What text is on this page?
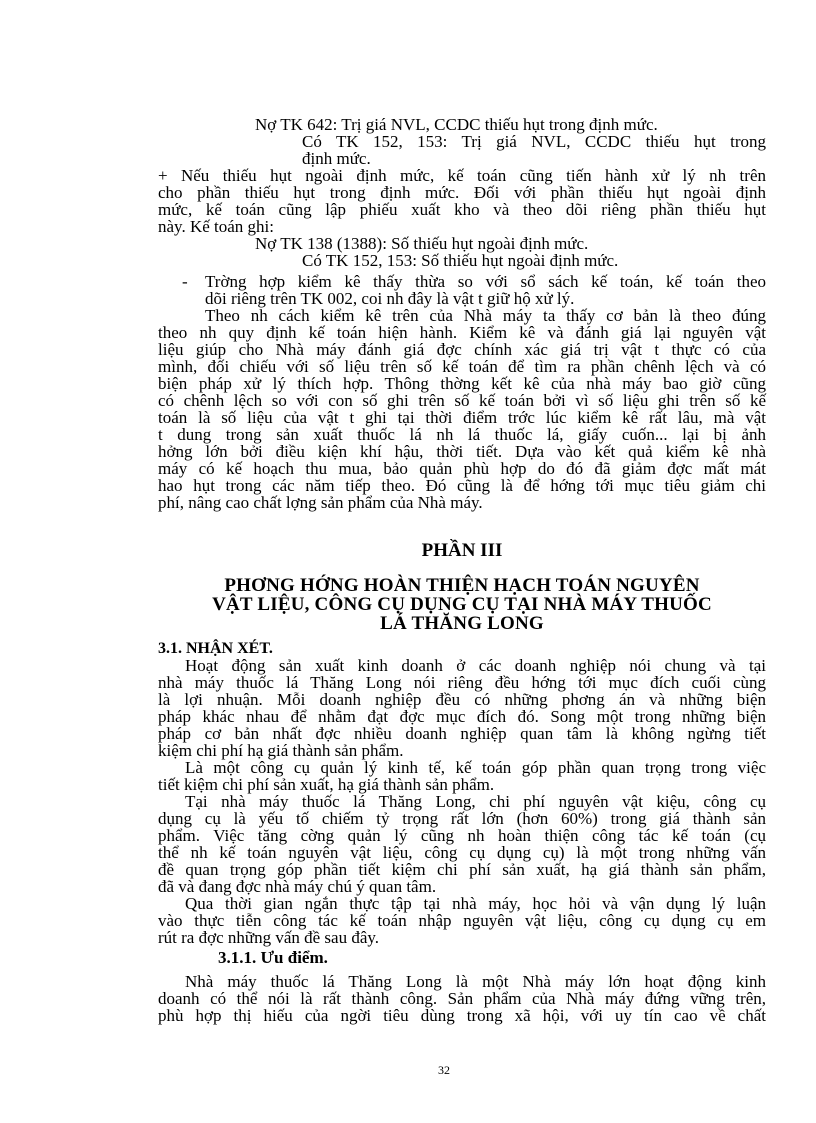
Nợ TK 642: Trị giá NVL, CCDC thiếu hụt trong định mức.
Có TK 152, 153: Trị giá NVL, CCDC thiếu hụt trong
định mức.
+ Nếu thiếu hụt ngoài định mức, kế toán cũng tiến hành xử lý nh trên
cho phần thiếu hụt trong định mức. Đối với phần thiếu hụt ngoài định
mức, kế toán cũng lập phiếu xuất kho và theo dõi riêng phần thiếu hụt
này. Kế toán ghi:
Nợ TK 138 (1388): Số thiếu hụt ngoài định mức.
Có TK 152, 153: Số thiếu hụt ngoài định mức.
- Trờng hợp kiểm kê thấy thừa so với sổ sách kế toán, kế toán theo
dõi riêng trên TK 002, coi nh đây là vật t giữ hộ xử lý.
Theo nh cách kiểm kê trên của Nhà máy ta thấy cơ bản là theo đúng
theo nh quy định kế toán hiện hành. Kiểm kê và đánh giá lại nguyên vật
liệu giúp cho Nhà máy đánh giá đợc chính xác giá trị vật t thực có của
mình, đối chiếu với số liệu trên số kế toán để tìm ra phần chênh lệch và có
biện pháp xử lý thích hợp. Thông thờng kết kê của nhà máy bao giờ cũng
có chênh lệch so với con số ghi trên số kế toán bởi vì số liệu ghi trên số kế
toán là số liệu của vật t ghi tại thời điểm trớc lúc kiểm kê rất lâu, mà vật
t dung trong sản xuất thuốc lá nh lá thuốc lá, giấy cuốn... lại bị ảnh
hởng lớn bởi điều kiện khí hậu, thời tiết. Dựa vào kết quả kiểm kê nhà
máy có kế hoạch thu mua, bảo quản phù hợp do đó đã giảm đợc mất mát
hao hụt trong các năm tiếp theo. Đó cũng là để hớng tới mục tiêu giảm chi
phí, nâng cao chất lợng sản phẩm của Nhà máy.
PHẦN III
PHƠNG HỚNG HOÀN THIỆN HẠCH TOÁN NGUYÊN
VẬT LIỆU, CÔNG CỤ DỤNG CỤ TẠI NHÀ MÁY THUỐC
LÁ THĂNG LONG
3.1. NHẬN XÉT.
Hoạt động sản xuất kinh doanh ở các doanh nghiệp nói chung và tại
nhà máy thuốc lá Thăng Long nói riêng đều hớng tới mục đích cuối cùng
là lợi nhuận. Mỗi doanh nghiệp đều có những phơng án và những biện
pháp khác nhau để nhằm đạt đợc mục đích đó. Song một trong những biện
pháp cơ bản nhất đợc nhiều doanh nghiệp quan tâm là không ngừng tiết
kiệm chi phí hạ giá thành sản phẩm.
Là một công cụ quản lý kinh tế, kế toán góp phần quan trọng trong việc
tiết kiệm chi phí sản xuất, hạ giá thành sản phẩm.
Tại nhà máy thuốc lá Thăng Long, chi phí nguyên vật kiệu, công cụ
dụng cụ là yếu tố chiếm tỷ trọng rất lớn (hơn 60%) trong giá thành sản
phẩm. Việc tăng cờng quản lý cũng nh hoàn thiện công tác kế toán (cụ
thể nh kế toán nguyên vật liệu, công cụ dụng cụ) là một trong những vấn
đề quan trọng góp phần tiết kiệm chi phí sản xuất, hạ giá thành sản phẩm,
đã và đang đợc nhà máy chú ý quan tâm.
Qua thời gian ngắn thực tập tại nhà máy, học hỏi và vận dụng lý luận
vào thực tiễn công tác kế toán nhập nguyên vật liệu, công cụ dụng cụ em
rút ra đợc những vấn đề sau đây.
3.1.1. Ưu điểm.
Nhà máy thuốc lá Thăng Long là một Nhà máy lớn hoạt động kinh
doanh có thể nói là rất thành công. Sản phẩm của Nhà máy đứng vững trên,
phù hợp thị hiếu của ngời tiêu dùng trong xã hội, với uy tín cao về chất
32
